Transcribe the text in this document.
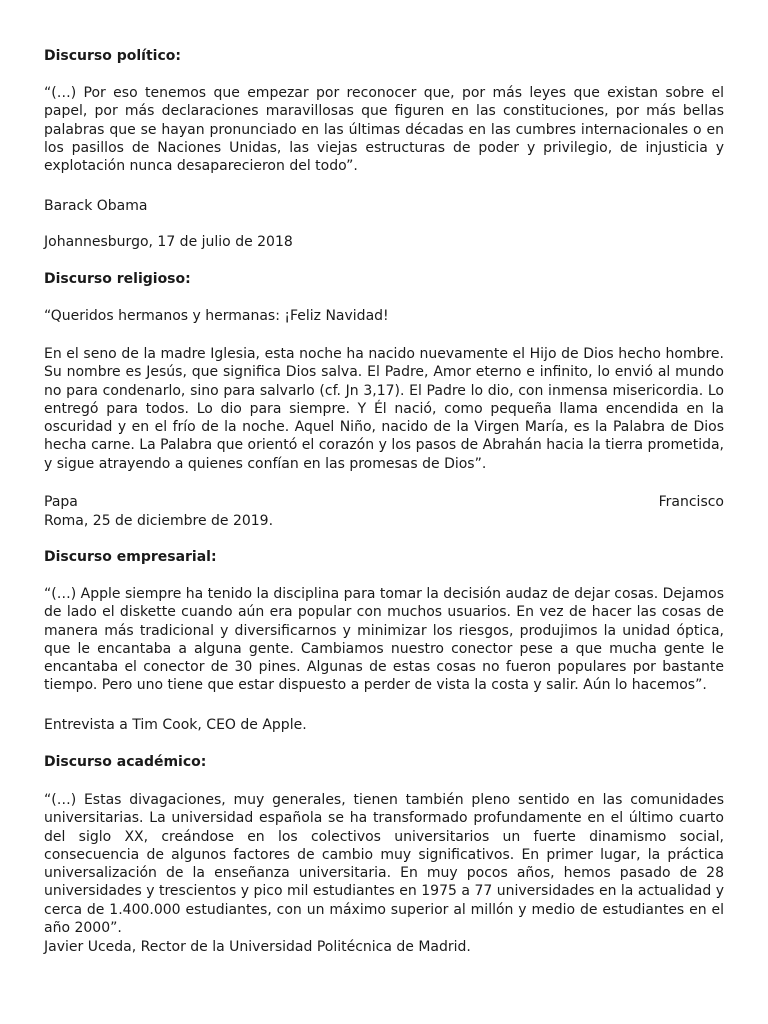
Discurso político:

“(…) Por eso tenemos que empezar por reconocer que, por más leyes que existan sobre el papel, por más declaraciones maravillosas que figuren en las constituciones, por más bellas palabras que se hayan pronunciado en las últimas décadas en las cumbres internacionales o en los pasillos de Naciones Unidas, las viejas estructuras de poder y privilegio, de injusticia y explotación nunca desaparecieron del todo”.

Barack Obama

Johannesburgo, 17 de julio de 2018

Discurso religioso:

“Queridos hermanos y hermanas: ¡Feliz Navidad!

En el seno de la madre Iglesia, esta noche ha nacido nuevamente el Hijo de Dios hecho hombre. Su nombre es Jesús, que significa Dios salva. El Padre, Amor eterno e infinito, lo envió al mundo no para condenarlo, sino para salvarlo (cf. Jn 3,17). El Padre lo dio, con inmensa misericordia. Lo entregó para todos. Lo dio para siempre. Y Él nació, como pequeña llama encendida en la oscuridad y en el frío de la noche. Aquel Niño, nacido de la Virgen María, es la Palabra de Dios hecha carne. La Palabra que orientó el corazón y los pasos de Abrahán hacia la tierra prometida, y sigue atrayendo a quienes confían en las promesas de Dios”.

Papa	Francisco

Roma, 25 de diciembre de 2019.

Discurso empresarial:

“(…) Apple siempre ha tenido la disciplina para tomar la decisión audaz de dejar cosas. Dejamos de lado el diskette cuando aún era popular con muchos usuarios. En vez de hacer las cosas de manera más tradicional y diversificarnos y minimizar los riesgos, produjimos la unidad óptica, que le encantaba a alguna gente. Cambiamos nuestro conector pese a que mucha gente le encantaba el conector de 30 pines. Algunas de estas cosas no fueron populares por bastante tiempo. Pero uno tiene que estar dispuesto a perder de vista la costa y salir. Aún lo hacemos”.

Entrevista a Tim Cook, CEO de Apple.

Discurso académico:

“(…) Estas divagaciones, muy generales, tienen también pleno sentido en las comunidades universitarias. La universidad española se ha transformado profundamente en el último cuarto del siglo XX, creándose en los colectivos universitarios un fuerte dinamismo social, consecuencia de algunos factores de cambio muy significativos. En primer lugar, la práctica universalización de la enseñanza universitaria. En muy pocos años, hemos pasado de 28 universidades y trescientos y pico mil estudiantes en 1975 a 77 universidades en la actualidad y cerca de 1.400.000 estudiantes, con un máximo superior al millón y medio de estudiantes en el año 2000”.

Javier Uceda, Rector de la Universidad Politécnica de Madrid.
